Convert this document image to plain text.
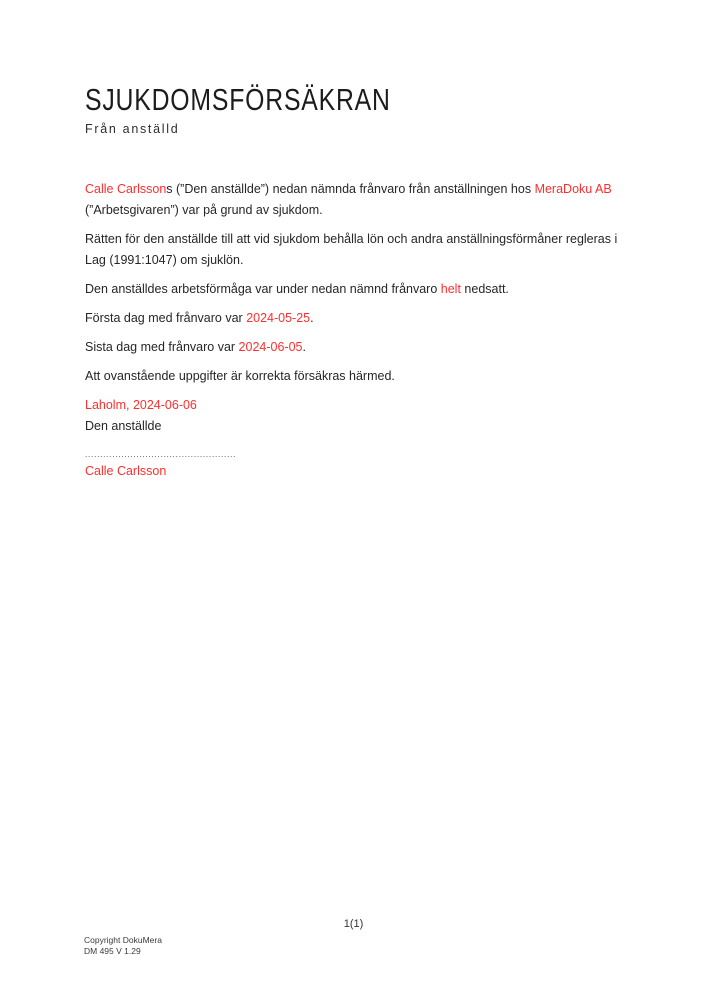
SJUKDOMSFÖRSÄKRAN
Från anställd
Calle Carlssons (”Den anställde”) nedan nämnda frånvaro från anställningen hos MeraDoku AB
(”Arbetsgivaren”) var på grund av sjukdom.
Rätten för den anställde till att vid sjukdom behålla lön och andra anställningsförmåner regleras i
Lag (1991:1047) om sjuklön.
Den anställdes arbetsförmåga var under nedan nämnd frånvaro helt nedsatt.
Första dag med frånvaro var 2024-05-25.
Sista dag med frånvaro var 2024-06-05.
Att ovanstående uppgifter är korrekta försäkras härmed.
Laholm, 2024-06-06
Den anställde
..................................................
Calle Carlsson
1(1)
Copyright DokuMera
DM 495 V 1.29
